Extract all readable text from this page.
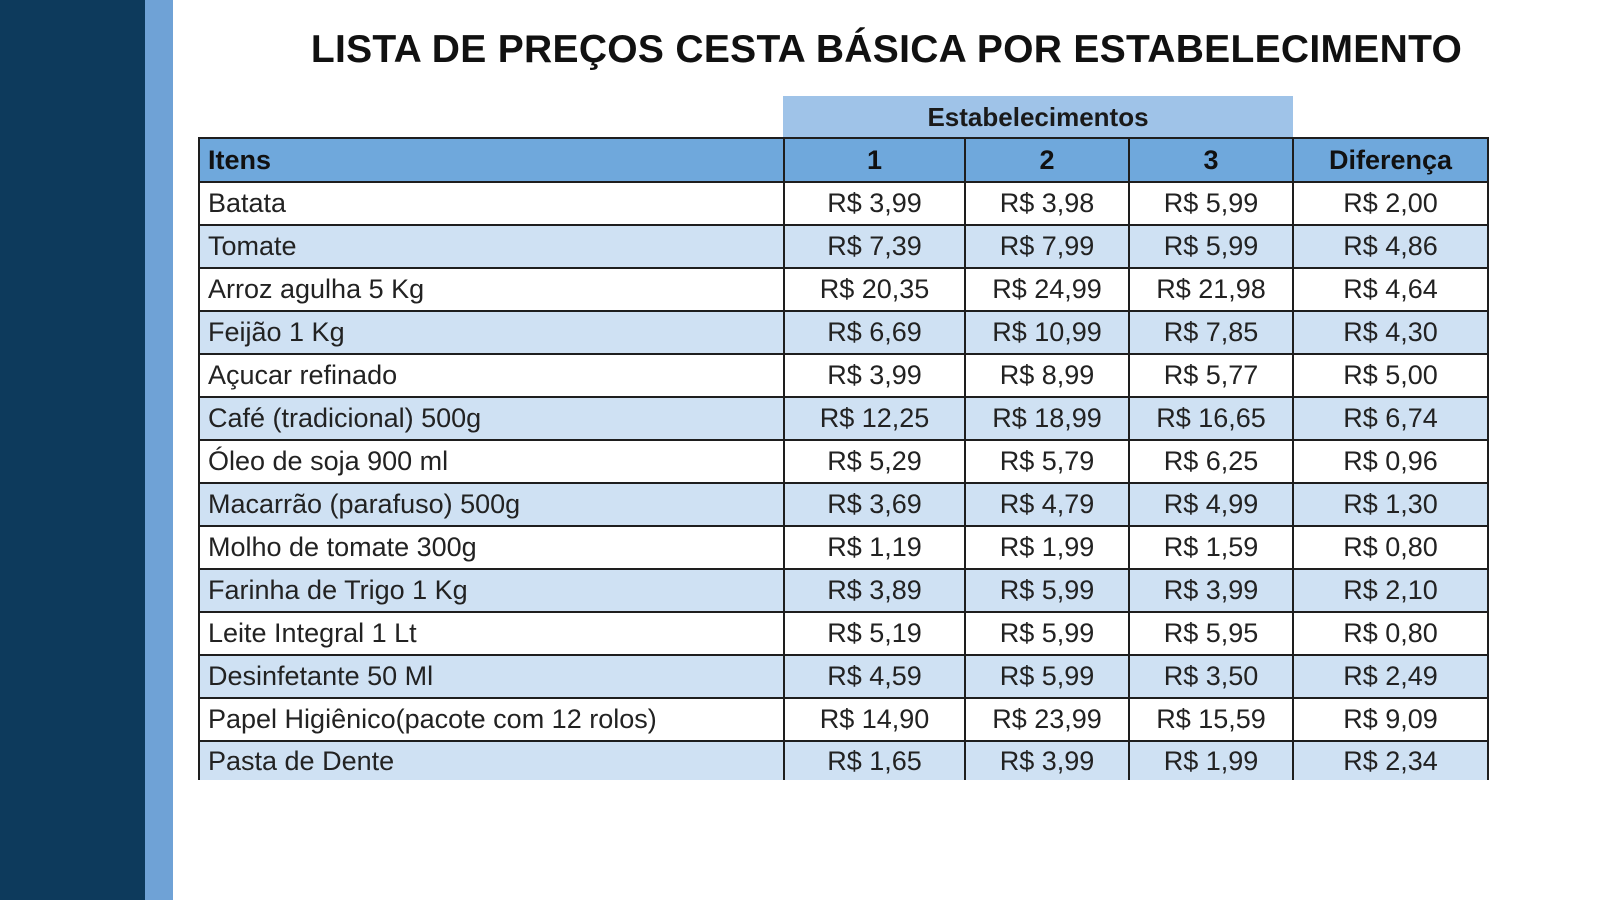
LISTA DE PREÇOS CESTA BÁSICA POR ESTABELECIMENTO
Estabelecimentos
Itens	1	2	3	Diferença
Batata	R$ 3,99	R$ 3,98	R$ 5,99	R$ 2,00
Tomate	R$ 7,39	R$ 7,99	R$ 5,99	R$ 4,86
Arroz agulha 5 Kg	R$ 20,35	R$ 24,99	R$ 21,98	R$ 4,64
Feijão 1 Kg	R$ 6,69	R$ 10,99	R$ 7,85	R$ 4,30
Açucar refinado	R$ 3,99	R$ 8,99	R$ 5,77	R$ 5,00
Café (tradicional) 500g	R$ 12,25	R$ 18,99	R$ 16,65	R$ 6,74
Óleo de soja 900 ml	R$ 5,29	R$ 5,79	R$ 6,25	R$ 0,96
Macarrão (parafuso) 500g	R$ 3,69	R$ 4,79	R$ 4,99	R$ 1,30
Molho de tomate 300g	R$ 1,19	R$ 1,99	R$ 1,59	R$ 0,80
Farinha de Trigo 1 Kg	R$ 3,89	R$ 5,99	R$ 3,99	R$ 2,10
Leite Integral 1 Lt	R$ 5,19	R$ 5,99	R$ 5,95	R$ 0,80
Desinfetante 50 Ml	R$ 4,59	R$ 5,99	R$ 3,50	R$ 2,49
Papel Higiênico(pacote com 12 rolos)	R$ 14,90	R$ 23,99	R$ 15,59	R$ 9,09
Pasta de Dente	R$ 1,65	R$ 3,99	R$ 1,99	R$ 2,34
